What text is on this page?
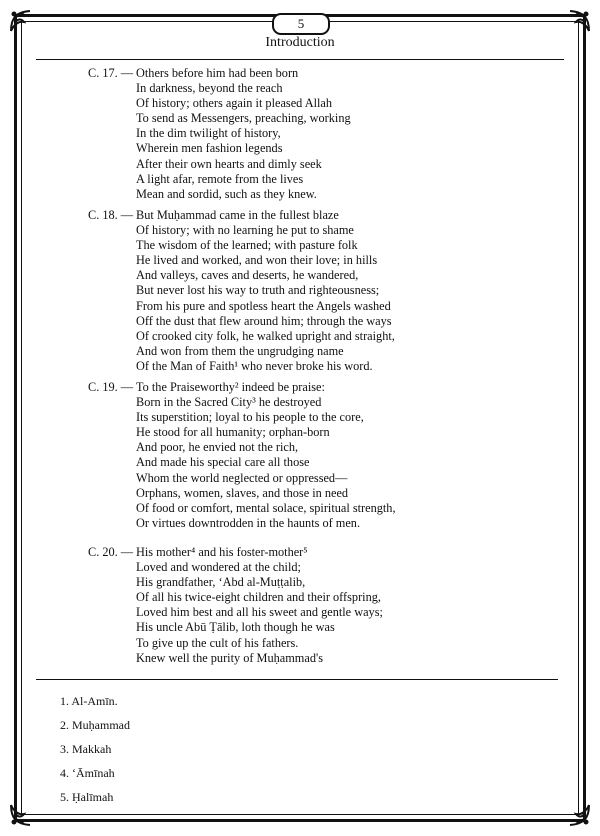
5
Introduction
C. 17. — Others before him had been born
In darkness, beyond the reach
Of history; others again it pleased Allah
To send as Messengers, preaching, working
In the dim twilight of history,
Wherein men fashion legends
After their own hearts and dimly seek
A light afar, remote from the lives
Mean and sordid, such as they knew.
C. 18. — But Muḥammad came in the fullest blaze
Of history; with no learning he put to shame
The wisdom of the learned; with pasture folk
He lived and worked, and won their love; in hills
And valleys, caves and deserts, he wandered,
But never lost his way to truth and righteousness;
From his pure and spotless heart the Angels washed
Off the dust that flew around him; through the ways
Of crooked city folk, he walked upright and straight,
And won from them the ungrudging name
Of the Man of Faith¹ who never broke his word.
C. 19. — To the Praiseworthy² indeed be praise:
Born in the Sacred City³ he destroyed
Its superstition; loyal to his people to the core,
He stood for all humanity; orphan-born
And poor, he envied not the rich,
And made his special care all those
Whom the world neglected or oppressed—
Orphans, women, slaves, and those in need
Of food or comfort, mental solace, spiritual strength,
Or virtues downtrodden in the haunts of men.
C. 20. — His mother⁴ and his foster-mother⁵
Loved and wondered at the child;
His grandfather, ʻAbd al-Muṭṭalib,
Of all his twice-eight children and their offspring,
Loved him best and all his sweet and gentle ways;
His uncle Abū Ṭālib, loth though he was
To give up the cult of his fathers.
Knew well the purity of Muḥammad's
1. Al-Amīn.
2. Muḥammad
3. Makkah
4. ʻĀmīnah
5. Ḥalīmah
